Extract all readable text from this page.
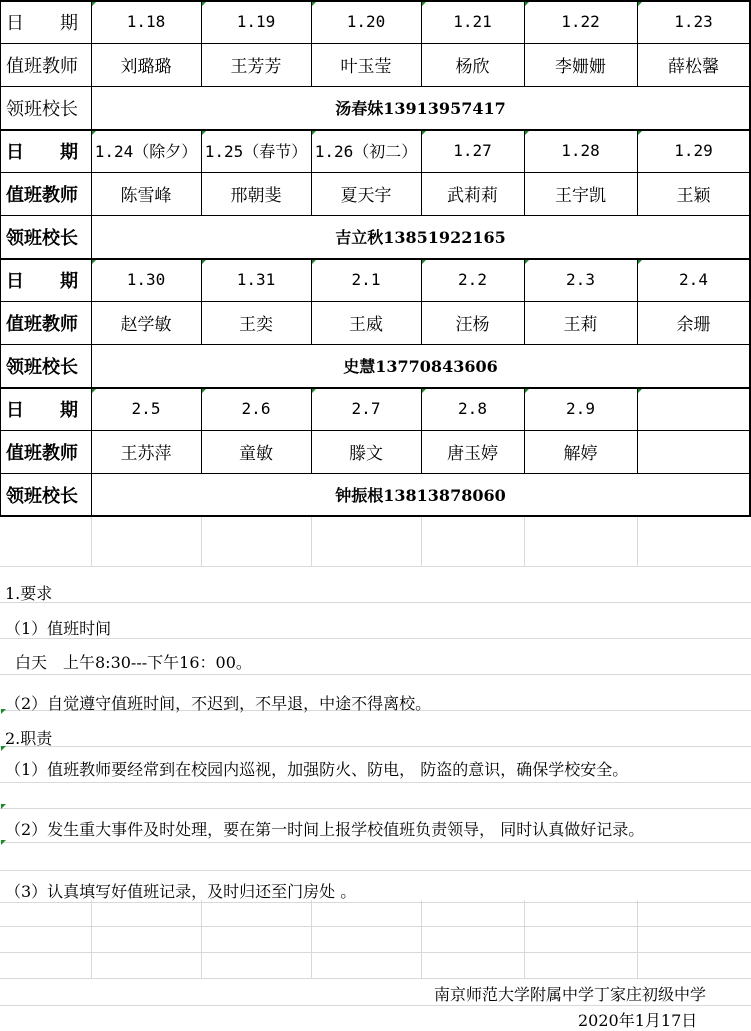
日　　期
值班教师
领班校长
1.18
刘璐璐
1.19
王芳芳
1.20
叶玉莹
1.21
杨欣
1.22
李姗姗
1.23
薛松馨
汤春妹13913957417
日　　期
值班教师
领班校长
1.24（除夕）
陈雪峰
1.25（春节）
邢朝斐
1.26（初二）
夏天宇
1.27
武莉莉
1.28
王宇凯
1.29
王颖
吉立秋13851922165
日　　期
值班教师
领班校长
1.30
赵学敏
1.31
王奕
2.1
王威
2.2
汪杨
2.3
王莉
2.4
余珊
史慧13770843606
日　　期
值班教师
领班校长
2.5
王苏萍
2.6
童敏
2.7
滕文
2.8
唐玉婷
2.9
解婷
钟振根13813878060
1.要求
（1）值班时间
白天　上午8:30---下午16：00。
（2）自觉遵守值班时间，不迟到，不早退，中途不得离校。
2.职责
（1）值班教师要经常到在校园内巡视，加强防火、防电， 防盗的意识，确保学校安全。
（2）发生重大事件及时处理，要在第一时间上报学校值班负责领导， 同时认真做好记录。
（3）认真填写好值班记录，及时归还至门房处 。
南京师范大学附属中学丁家庄初级中学
2020年1月17日
